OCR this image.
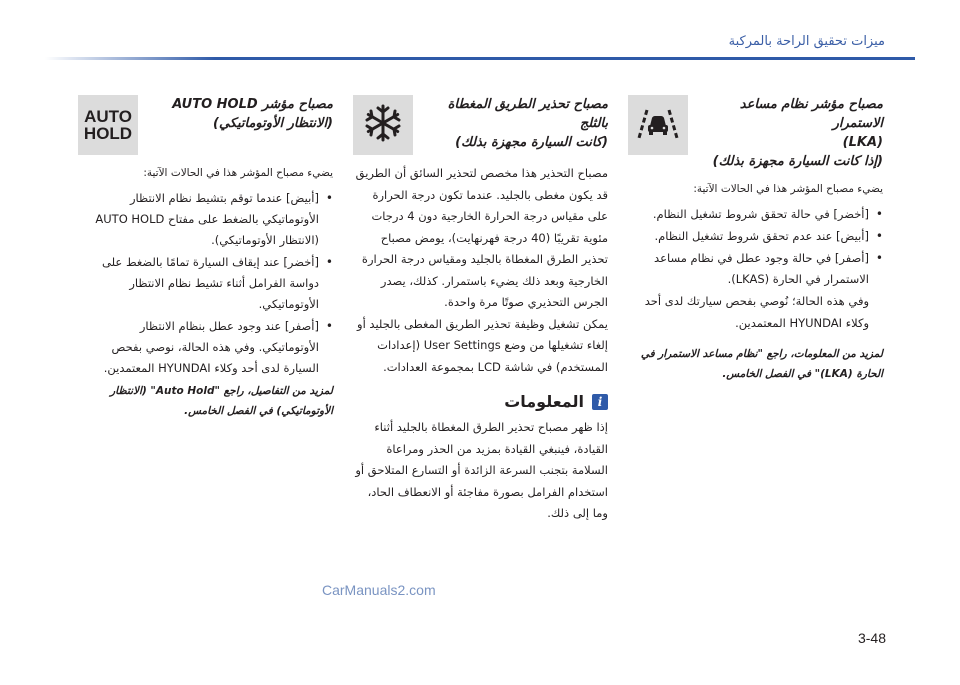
ميزات تحقيق الراحة بالمركبة

مصباح مؤشر نظام مساعد الاستمرار
(LKA)
(إذا كانت السيارة مجهزة بذلك)

يضيء مصباح المؤشر هذا في الحالات الآتية:

• [أخضر] في حالة تحقق شروط تشغيل النظام.
• [أبيض] عند عدم تحقق شروط تشغيل النظام.
• [أصفر] في حالة وجود عطل في نظام مساعد الاستمرار في الحارة (LKAS).

وفي هذه الحالة؛ نُوصي بفحص سيارتك لدى أحد وكلاء HYUNDAI المعتمدين.

لمزيد من المعلومات، راجع "نظام مساعد الاستمرار في الحارة (LKA)" في الفصل الخامس.

مصباح تحذير الطريق المغطاة بالثلج
(كانت السيارة مجهزة بذلك)

مصباح التحذير هذا مخصص لتحذير السائق أن الطريق قد يكون مغطى بالجليد. عندما تكون درجة الحرارة على مقياس درجة الحرارة الخارجية دون 4 درجات مئوية تقريبًا (40 درجة فهرنهايت)، يومض مصباح تحذير الطرق المغطاة بالجليد ومقياس درجة الحرارة الخارجية وبعد ذلك يضيء باستمرار. كذلك، يصدر الجرس التحذيري صوتًا مرة واحدة.

يمكن تشغيل وظيفة تحذير الطريق المغطى بالجليد أو إلغاء تشغيلها من وضع User Settings (إعدادات المستخدم) في شاشة LCD بمجموعة العدادات.

i
المعلومات

إذا ظهر مصباح تحذير الطرق المغطاة بالجليد أثناء القيادة، فينبغي القيادة بمزيد من الحذر ومراعاة السلامة بتجنب السرعة الزائدة أو التسارع المتلاحق أو استخدام الفرامل بصورة مفاجئة أو الانعطاف الحاد، وما إلى ذلك.

AUTO
HOLD
مصباح مؤشر AUTO HOLD
(الانتظار الأوتوماتيكي)

يضيء مصباح المؤشر هذا في الحالات الآتية:

• [أبيض] عندما توقم بتشيط نظام الانتظار الأوتوماتيكي بالضغط على مفتاح AUTO HOLD (الانتظار الأوتوماتيكي).
• [أخضر] عند إيقاف السيارة تمامًا بالضغط على دواسة الفرامل أثناء تشيط نظام الانتظار الأوتوماتيكي.
• [أصفر] عند وجود عطل بنظام الانتظار الأوتوماتيكي. وفي هذه الحالة، نوصي بفحص السيارة لدى أحد وكلاء HYUNDAI المعتمدين.

لمزيد من التفاصيل، راجع "Auto Hold" (الانتظار الأوتوماتيكي) في الفصل الخامس.

CarManuals2.com
3-48
